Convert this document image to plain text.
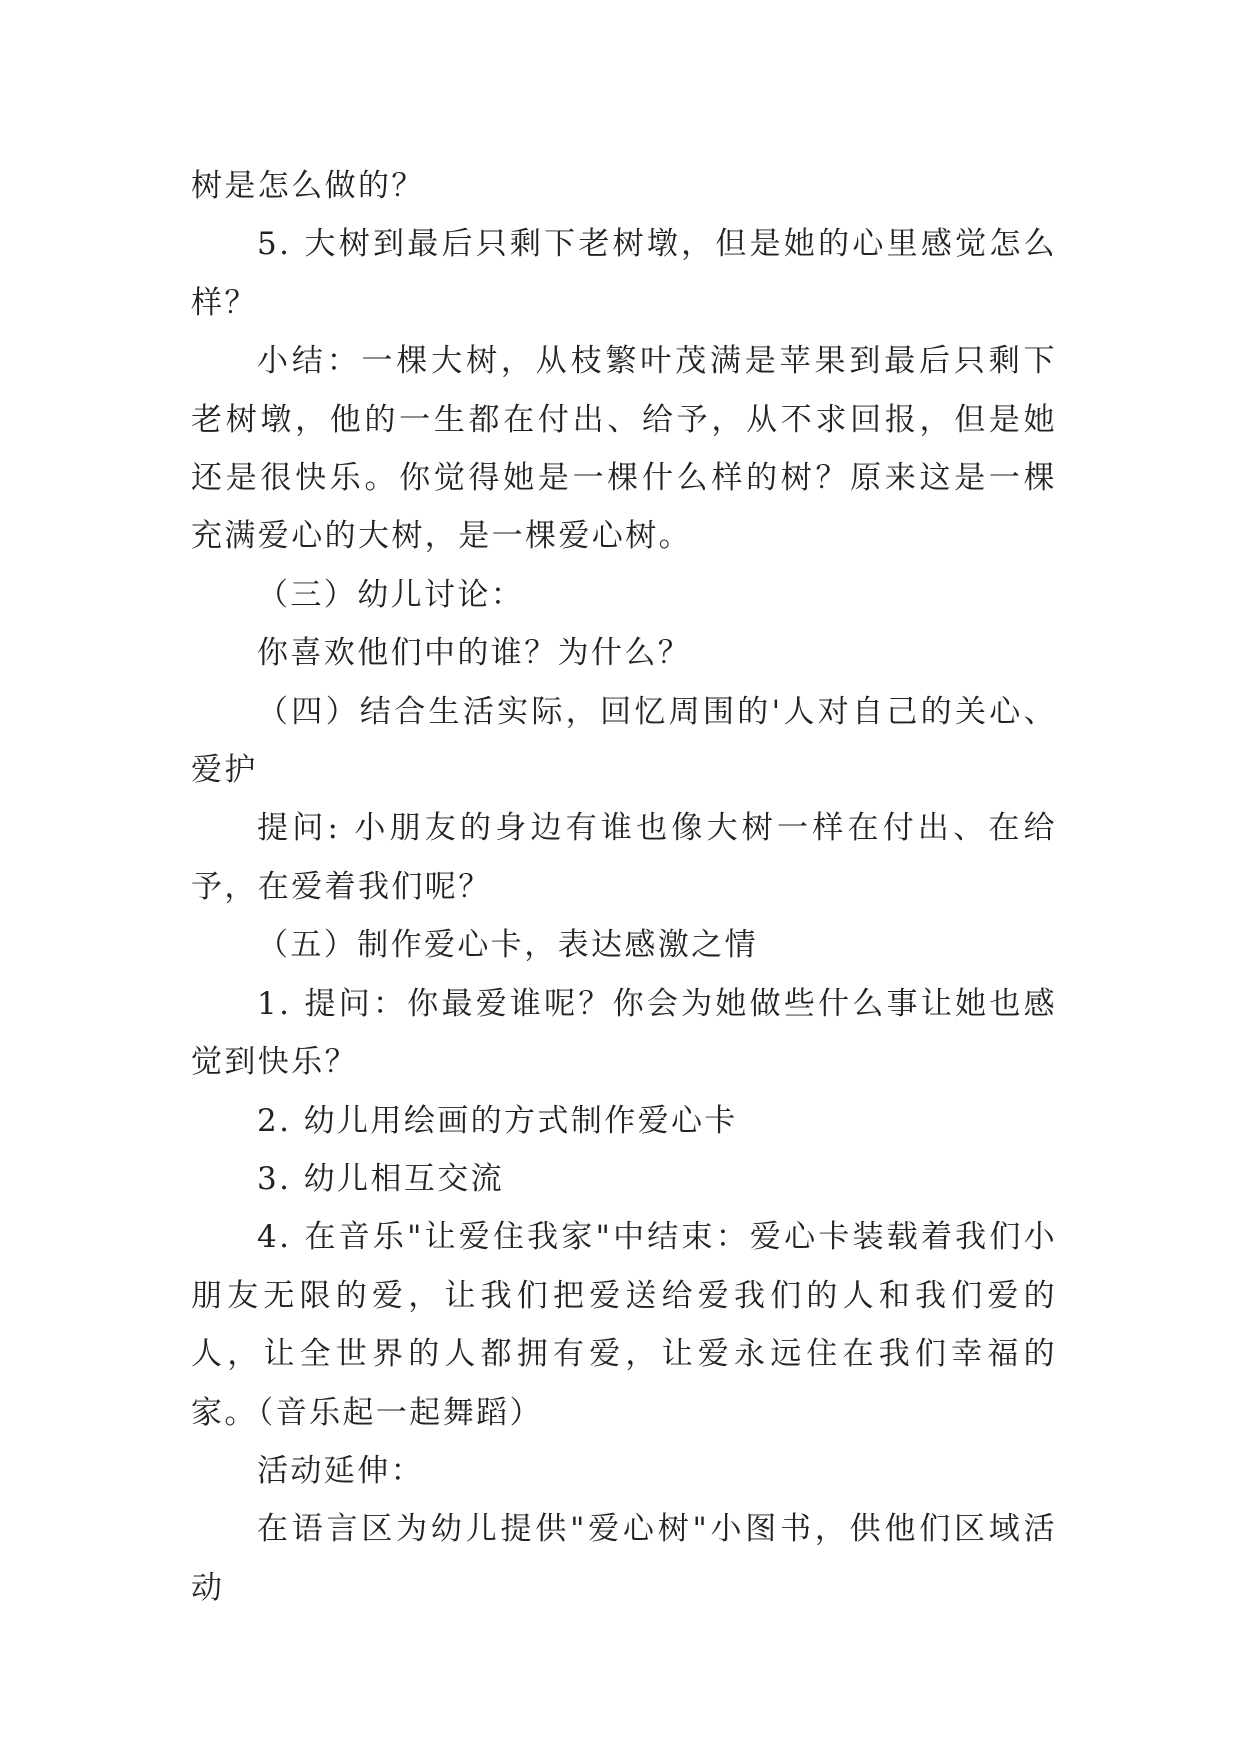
树是怎么做的？

5. 大树到最后只剩下老树墩，但是她的心里感觉怎么样？

小结：一棵大树，从枝繁叶茂满是苹果到最后只剩下老树墩，他的一生都在付出、给予，从不求回报，但是她还是很快乐。你觉得她是一棵什么样的树？原来这是一棵充满爱心的大树，是一棵爱心树。

（三）幼儿讨论：

你喜欢他们中的谁？为什么？

（四）结合生活实际，回忆周围的'人对自己的关心、爱护

提问: 小朋友的身边有谁也像大树一样在付出、在给予，在爱着我们呢？

（五）制作爱心卡，表达感激之情

1. 提问：你最爱谁呢？你会为她做些什么事让她也感觉到快乐？

2. 幼儿用绘画的方式制作爱心卡

3. 幼儿相互交流

4. 在音乐"让爱住我家"中结束：爱心卡装载着我们小朋友无限的爱，让我们把爱送给爱我们的人和我们爱的人，让全世界的人都拥有爱，让爱永远住在我们幸福的家。（音乐起一起舞蹈）

活动延伸：

在语言区为幼儿提供"爱心树"小图书，供他们区域活动
